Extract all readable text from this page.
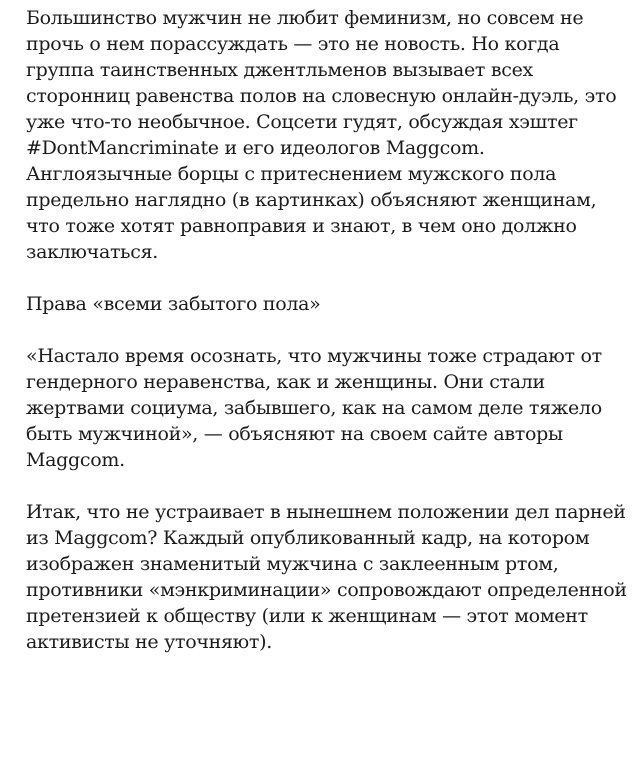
Большинство мужчин не любит феминизм, но совсем не прочь о нем порассуждать — это не новость. Но когда группа таинственных джентльменов вызывает всех сторонниц равенства полов на словесную онлайн-дуэль, это уже что-то необычное. Соцсети гудят, обсуждая хэштег #DontMancriminate и его идеологов Maggcom. Англоязычные борцы с притеснением мужского пола предельно наглядно (в картинках) объясняют женщинам, что тоже хотят равноправия и знают, в чем оно должно заключаться.

Права «всеми забытого пола»

«Настало время осознать, что мужчины тоже страдают от гендерного неравенства, как и женщины. Они стали жертвами социума, забывшего, как на самом деле тяжело быть мужчиной», — объясняют на своем сайте авторы Maggcom.

Итак, что не устраивает в нынешнем положении дел парней из Maggcom? Каждый опубликованный кадр, на котором изображен знаменитый мужчина с заклеенным ртом, противники «мэнкриминации» сопровождают определенной претензией к обществу (или к женщинам — этот момент активисты не уточняют).
